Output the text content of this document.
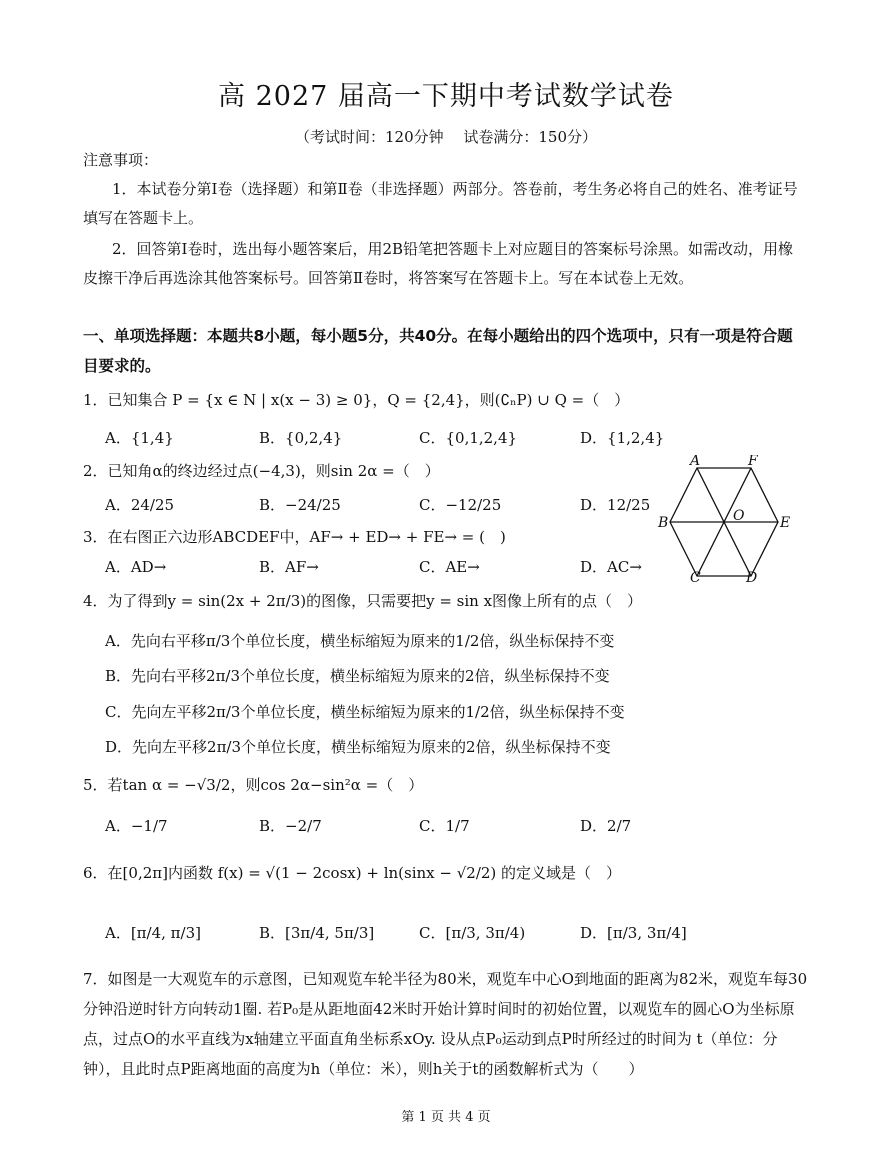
高 2027 届高一下期中考试数学试卷
（考试时间：120分钟　 试卷满分：150分）
注意事项：
1．本试卷分第Ⅰ卷（选择题）和第Ⅱ卷（非选择题）两部分。答卷前，考生务必将自己的姓名、准考证号
填写在答题卡上。
2．回答第Ⅰ卷时，选出每小题答案后，用2B铅笔把答题卡上对应题目的答案标号涂黑。如需改动，用橡
皮擦干净后再选涂其他答案标号。回答第Ⅱ卷时，将答案写在答题卡上。写在本试卷上无效。
一、单项选择题：本题共8小题，每小题5分，共40分。在每小题给出的四个选项中，只有一项是符合题
目要求的。
1．已知集合 P = {x ∈ N | x(x − 3) ≥ 0}，Q = {2,4}，则(∁ₙP) ∪ Q =（　）
A．{1,4}	B．{0,2,4}	C．{0,1,2,4}	D．{1,2,4}
2．已知角α的终边经过点(−4,3)，则sin 2α =（　）
A．24/25	B．−24/25	C．−12/25	D．12/25
3．在右图正六边形ABCDEF中，AF→ + ED→ + FE→ = (　)
A．AD→	B．AF→	C．AE→	D．AC→
A	F
B	O	E
C	D
4．为了得到y = sin(2x + 2π/3)的图像，只需要把y = sin x图像上所有的点（　）
A．先向右平移π/3个单位长度，横坐标缩短为原来的1/2倍，纵坐标保持不变
B．先向右平移2π/3个单位长度，横坐标缩短为原来的2倍，纵坐标保持不变
C．先向左平移2π/3个单位长度，横坐标缩短为原来的1/2倍，纵坐标保持不变
D．先向左平移2π/3个单位长度，横坐标缩短为原来的2倍，纵坐标保持不变
5．若tan α = −√3/2，则cos 2α−sin²α =（　）
A．−1/7	B．−2/7	C．1/7	D．2/7
6．在[0,2π]内函数 f(x) = √(1 − 2cosx) + ln(sinx − √2/2) 的定义域是（　）
A．[π/4, π/3]	B．[3π/4, 5π/3]	C．[π/3, 3π/4)	D．[π/3, 3π/4]
7．如图是一大观览车的示意图，已知观览车轮半径为80米，观览车中心O到地面的距离为82米，观览车每30
分钟沿逆时针方向转动1圈. 若P₀是从距地面42米时开始计算时间时的初始位置，以观览车的圆心O为坐标原
点，过点O的水平直线为x轴建立平面直角坐标系xOy. 设从点P₀运动到点P时所经过的时间为 t（单位：分
钟），且此时点P距离地面的高度为h（单位：米），则h关于t的函数解析式为（　　）
第 1 页 共 4 页
